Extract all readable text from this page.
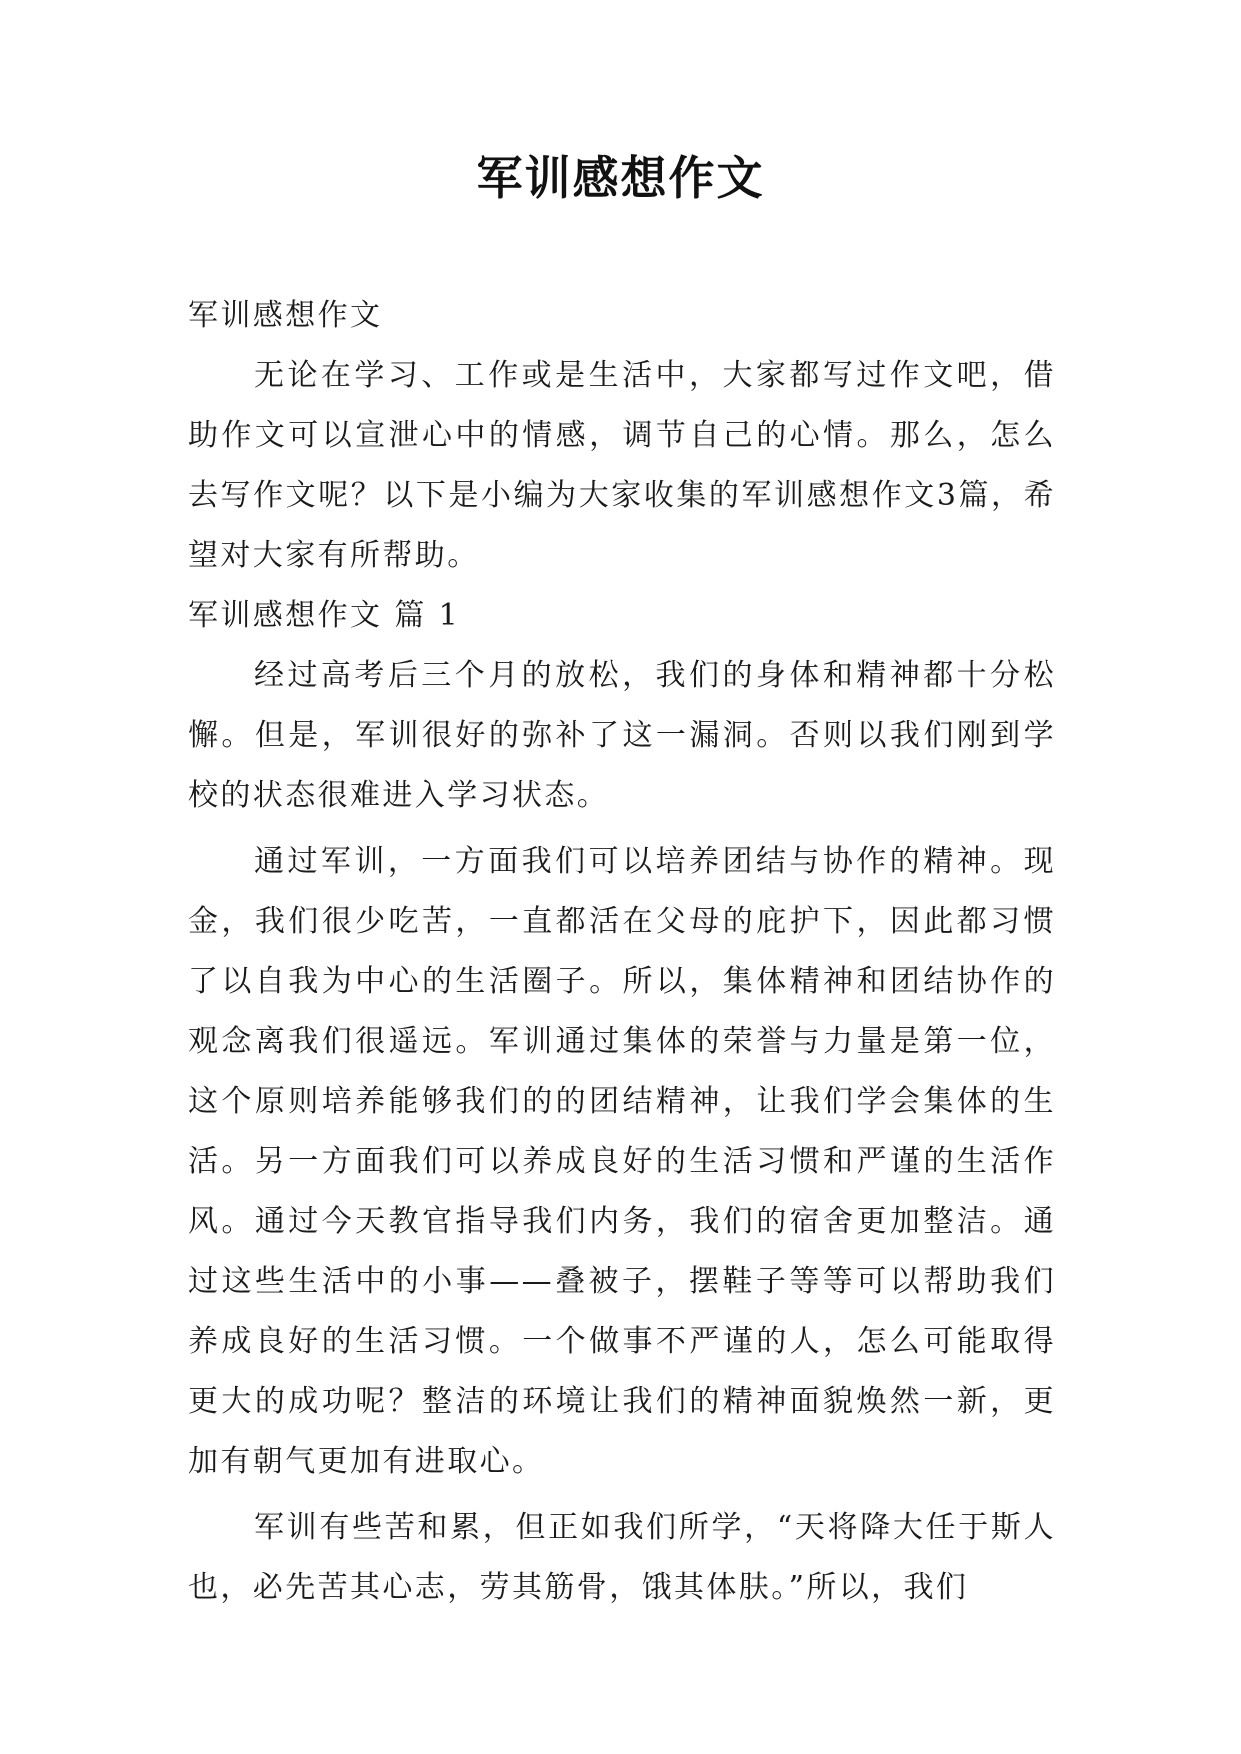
军训感想作文

军训感想作文

无论在学习、工作或是生活中，大家都写过作文吧，借助作文可以宣泄心中的情感，调节自己的心情。那么，怎么去写作文呢？以下是小编为大家收集的军训感想作文3篇，希望对大家有所帮助。

军训感想作文 篇 1

经过高考后三个月的放松，我们的身体和精神都十分松懈。但是，军训很好的弥补了这一漏洞。否则以我们刚到学校的状态很难进入学习状态。

通过军训，一方面我们可以培养团结与协作的精神。现金，我们很少吃苦，一直都活在父母的庇护下，因此都习惯了以自我为中心的生活圈子。所以，集体精神和团结协作的观念离我们很遥远。军训通过集体的荣誉与力量是第一位，这个原则培养能够我们的的团结精神，让我们学会集体的生活。另一方面我们可以养成良好的生活习惯和严谨的生活作风。通过今天教官指导我们内务，我们的宿舍更加整洁。通过这些生活中的小事——叠被子，摆鞋子等等可以帮助我们养成良好的生活习惯。一个做事不严谨的人，怎么可能取得更大的成功呢？整洁的环境让我们的精神面貌焕然一新，更加有朝气更加有进取心。

军训有些苦和累，但正如我们所学，“天将降大任于斯人也，必先苦其心志，劳其筋骨，饿其体肤。”所以，我们
